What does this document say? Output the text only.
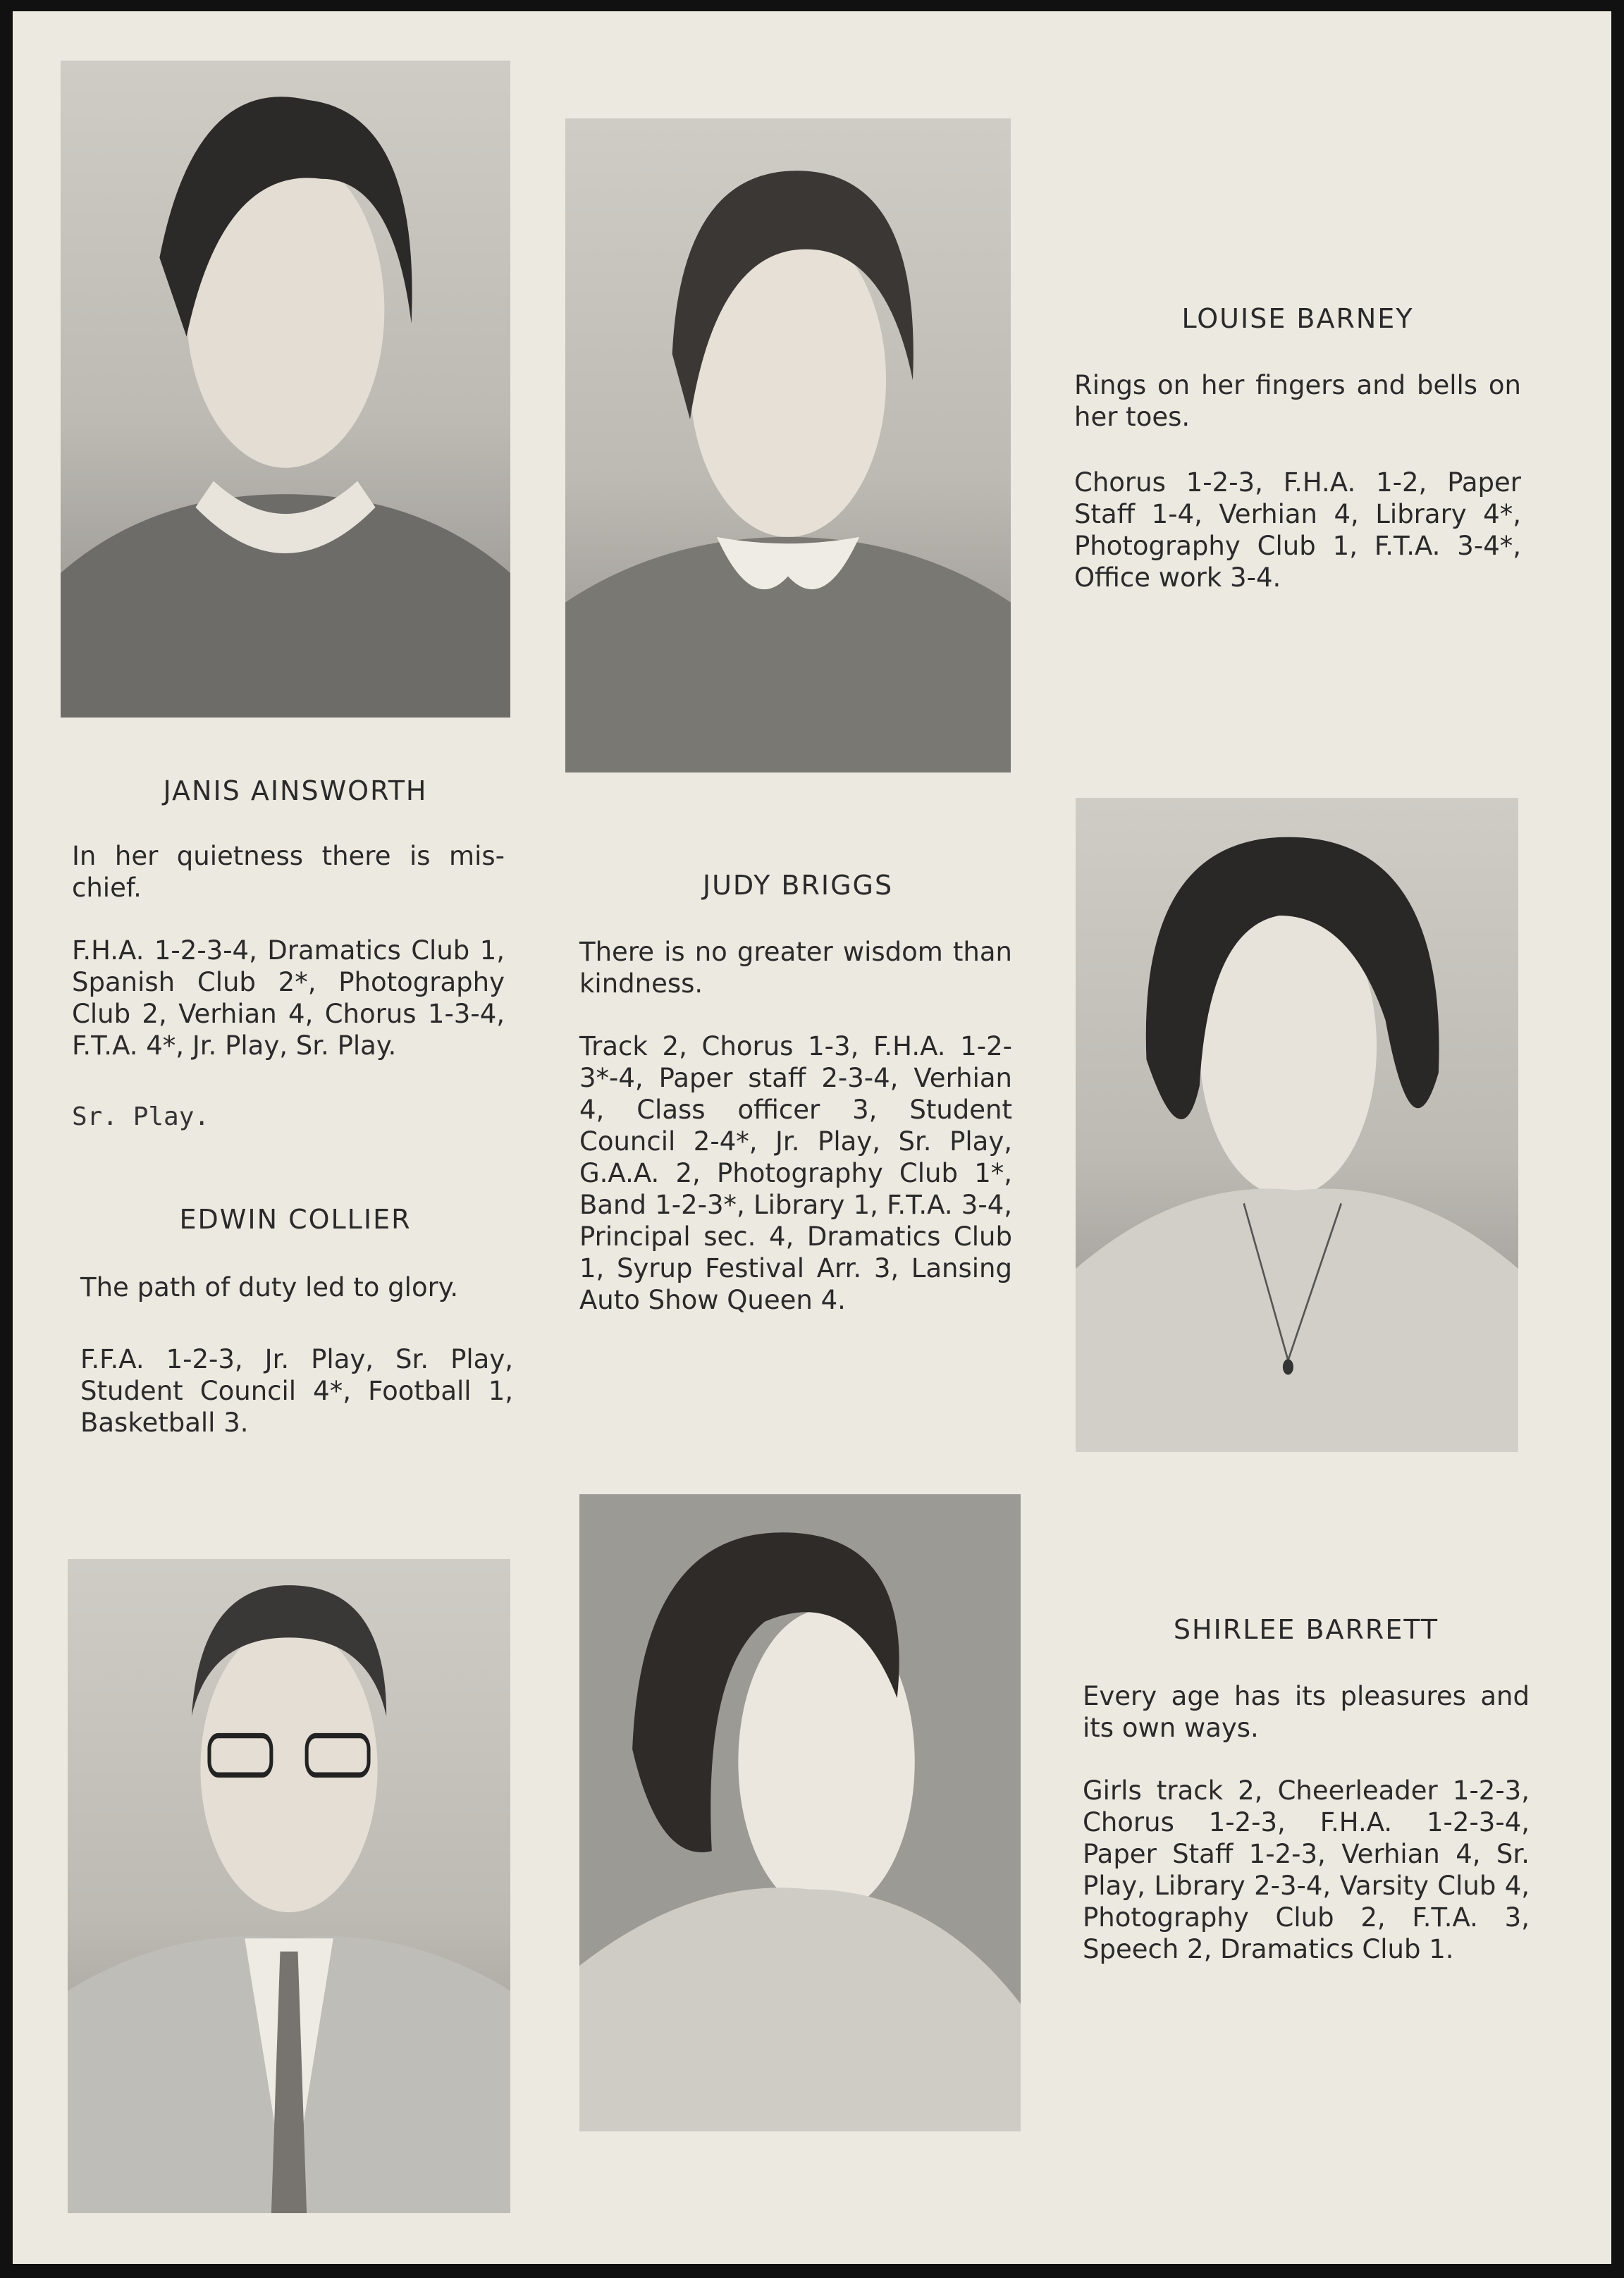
LOUISE BARNEY

Rings on her fingers and bells on her toes.

Chorus 1-2-3, F.H.A. 1-2, Paper Staff 1-4, Verhian 4, Library 4*, Photography Club 1, F.T.A. 3-4*, Office work 3-4.

JANIS AINSWORTH

In her quietness there is mis-chief.

F.H.A. 1-2-3-4, Dramatics Club 1, Spanish Club 2*, Photography Club 2, Verhian 4, Chorus 1-3-4, F.T.A. 4*, Jr. Play, Sr. Play.

Sr. Play.
JUDY BRIGGS

There is no greater wisdom than kindness.

Track 2, Chorus 1-3, F.H.A. 1-2-3*-4, Paper staff 2-3-4, Verhian 4, Class officer 3, Student Council 2-4*, Jr. Play, Sr. Play, G.A.A. 2, Photography Club 1*, Band 1-2-3*, Library 1, F.T.A. 3-4, Principal sec. 4, Dramatics Club 1, Syrup Festival Arr. 3, Lansing Auto Show Queen 4.

EDWIN COLLIER

The path of duty led to glory.

F.F.A. 1-2-3, Jr. Play, Sr. Play, Student Council 4*, Football 1, Basketball 3.

SHIRLEE BARRETT

Every age has its pleasures and its own ways.

Girls track 2, Cheerleader 1-2-3, Chorus 1-2-3, F.H.A. 1-2-3-4, Paper Staff 1-2-3, Verhian 4, Sr. Play, Library 2-3-4, Varsity Club 4, Photography Club 2, F.T.A. 3, Speech 2, Dramatics Club 1.
